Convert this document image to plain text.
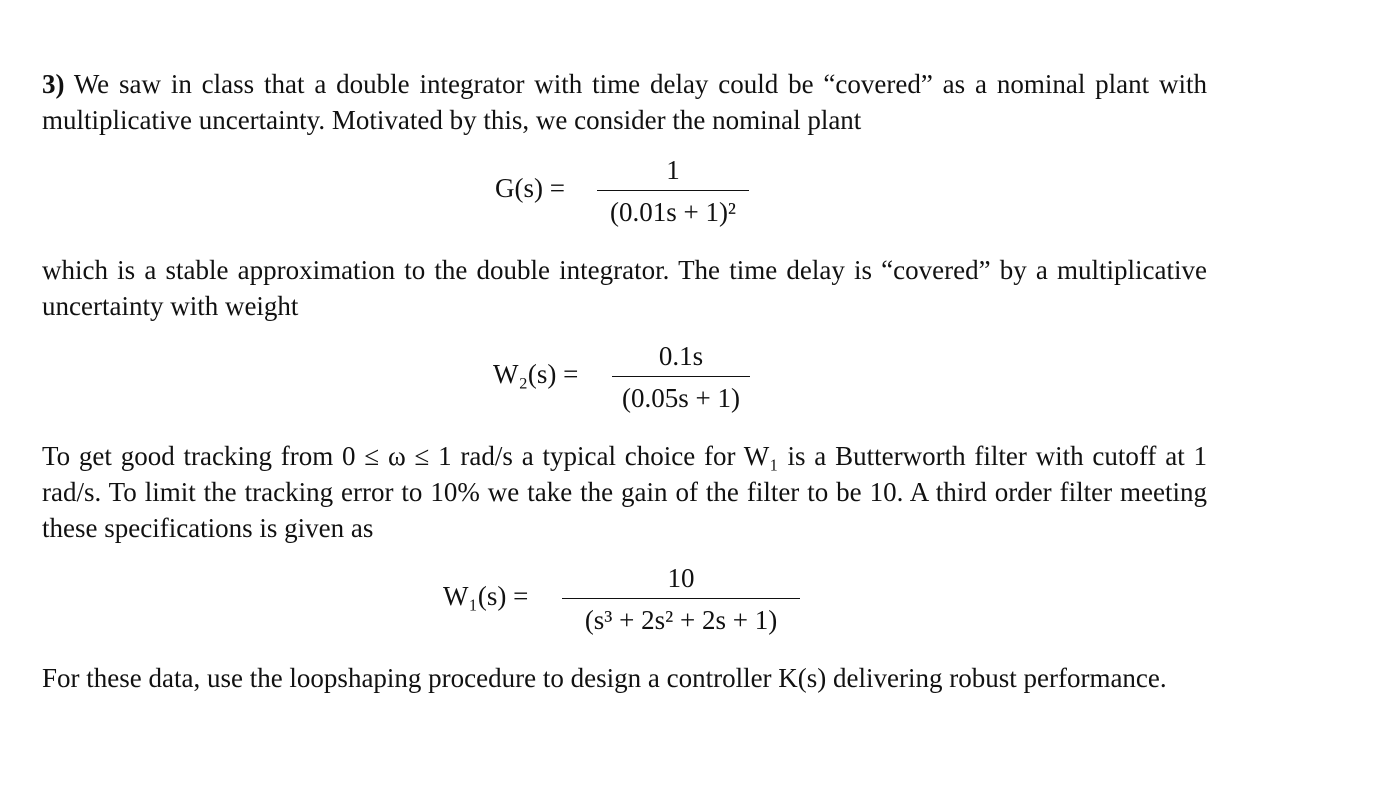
3) We saw in class that a double integrator with time delay could be “covered” as a nominal plant with multiplicative uncertainty. Motivated by this, we consider the nominal plant

G(s) =
1
(0.01s + 1)²

which is a stable approximation to the double integrator. The time delay is “covered” by a multiplicative uncertainty with weight

W₂(s) =
0.1s
(0.05s + 1)

To get good tracking from 0 ≤ ω ≤ 1 rad/s a typical choice for W₁ is a Butterworth filter with cutoff at 1 rad/s. To limit the tracking error to 10% we take the gain of the filter to be 10. A third order filter meeting these specifications is given as

W₁(s) =
10
(s³ + 2s² + 2s + 1)

For these data, use the loopshaping procedure to design a controller K(s) delivering robust performance.
